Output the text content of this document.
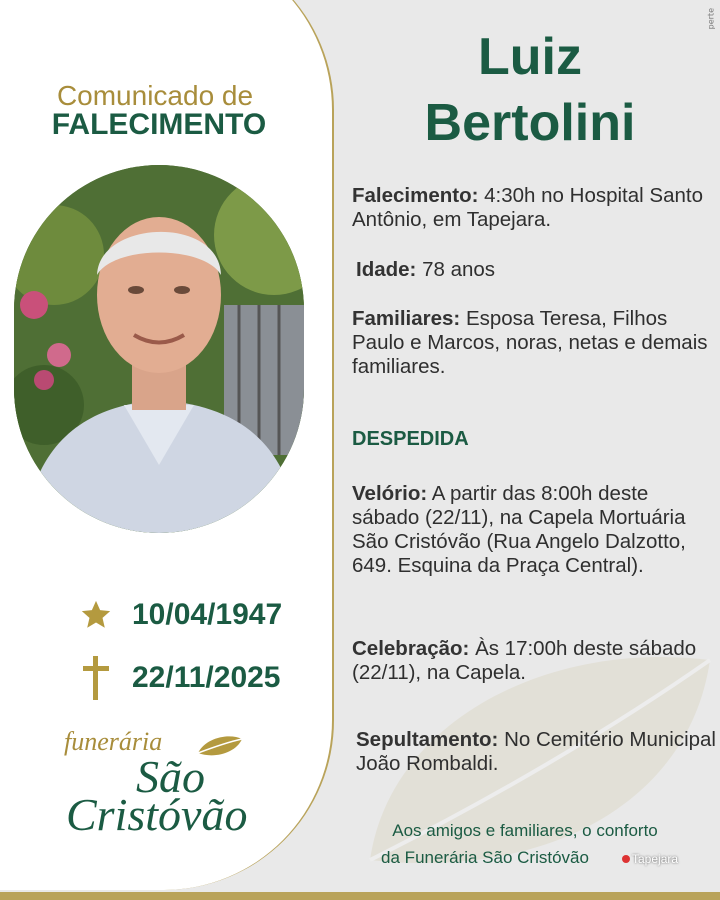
Comunicado de
FALECIMENTO
10/04/1947
22/11/2025
funerária
São
Cristóvão
Luiz
Bertolini
Falecimento: 4:30h no Hospital Santo Antônio, em Tapejara.
Idade: 78 anos
Familiares: Esposa Teresa, Filhos Paulo e Marcos, noras, netas e demais familiares.
DESPEDIDA
Velório: A partir das 8:00h deste sábado (22/11), na Capela Mortuária São Cristóvão (Rua Angelo Dalzotto, 649. Esquina da Praça Central).
Celebração: Às 17:00h deste sábado (22/11), na Capela.
Sepultamento: No Cemitério Municipal João Rombaldi.
Aos amigos e familiares, o conforto
da Funerária São Cristóvão
perte
Tapejara
